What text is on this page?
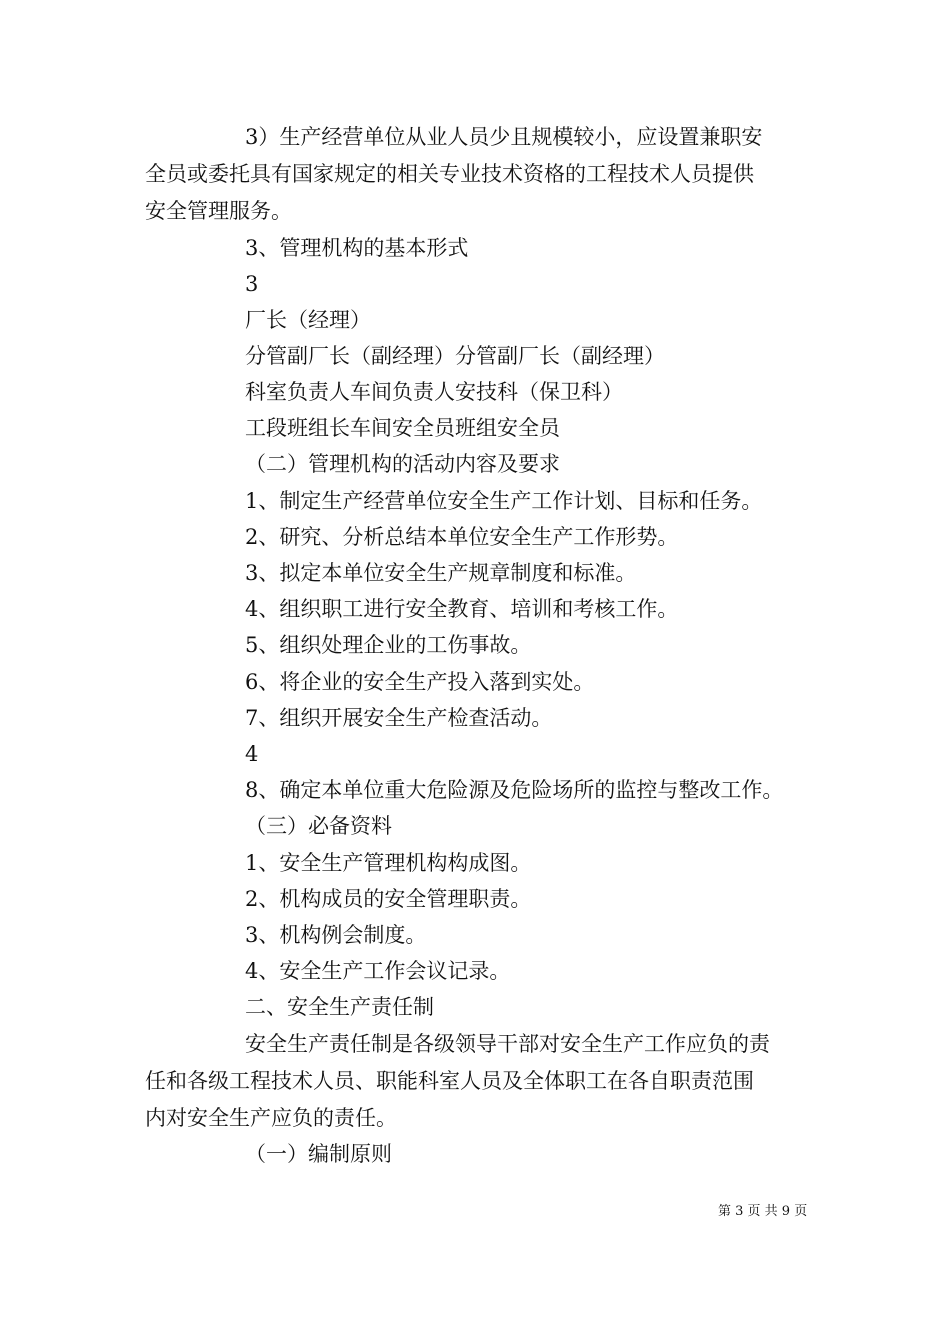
3）生产经营单位从业人员少且规模较小，应设置兼职安

全员或委托具有国家规定的相关专业技术资格的工程技术人员提供

安全管理服务。

3、管理机构的基本形式

3

厂长（经理）

分管副厂长（副经理）分管副厂长（副经理）

科室负责人车间负责人安技科（保卫科）

工段班组长车间安全员班组安全员

（二）管理机构的活动内容及要求

1、制定生产经营单位安全生产工作计划、目标和任务。

2、研究、分析总结本单位安全生产工作形势。

3、拟定本单位安全生产规章制度和标准。

4、组织职工进行安全教育、培训和考核工作。

5、组织处理企业的工伤事故。

6、将企业的安全生产投入落到实处。

7、组织开展安全生产检查活动。

4

8、确定本单位重大危险源及危险场所的监控与整改工作。

（三）必备资料

1、安全生产管理机构构成图。

2、机构成员的安全管理职责。

3、机构例会制度。

4、安全生产工作会议记录。

二、安全生产责任制

安全生产责任制是各级领导干部对安全生产工作应负的责

任和各级工程技术人员、职能科室人员及全体职工在各自职责范围

内对安全生产应负的责任。

（一）编制原则

第 3 页 共 9 页
